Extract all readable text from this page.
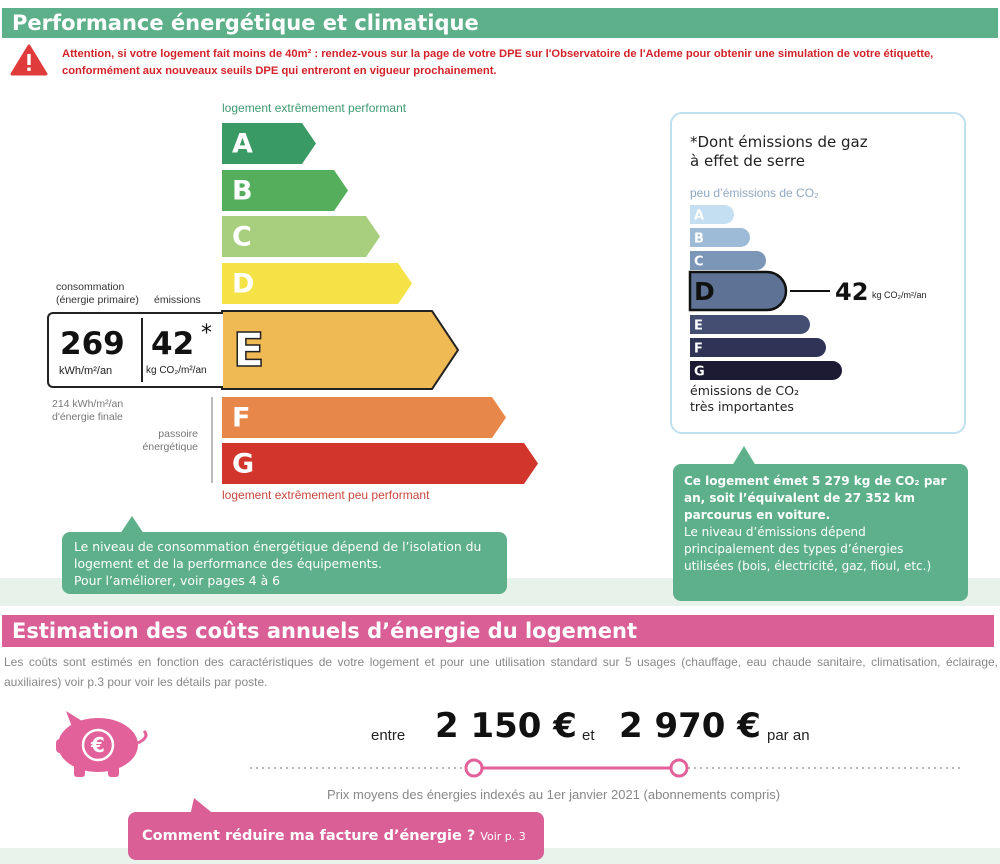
Performance énergétique et climatique
Attention, si votre logement fait moins de 40m² : rendez-vous sur la page de votre DPE sur l'Observatoire de l'Ademe pour obtenir une simulation de votre étiquette,
conformément aux nouveaux seuils DPE qui entreront en vigueur prochainement.
logement extrêmement performant
A
B
C
D
E
F
G
logement extrêmement peu performant
consommation
(énergie primaire) émissions
269
kWh/m²/an
42 *
kg CO₂/m²/an
214 kWh/m²/an
d'énergie finale
passoire
énergétique
Le niveau de consommation énergétique dépend de l’isolation du
logement et de la performance des équipements.
Pour l’améliorer, voir pages 4 à 6
*Dont émissions de gaz
à effet de serre
peu d’émissions de CO₂
A
B
C
D
E
F
G
42 kg CO₂/m²/an
émissions de CO₂
très importantes
Ce logement émet 5 279 kg de CO₂ par
an, soit l’équivalent de 27 352 km
parcourus en voiture.
Le niveau d’émissions dépend
principalement des types d’énergies
utilisées (bois, électricité, gaz, fioul, etc.)
Estimation des coûts annuels d’énergie du logement
Les coûts sont estimés en fonction des caractéristiques de votre logement et pour une utilisation standard sur 5 usages (chauffage, eau chaude sanitaire, climatisation, éclairage, auxiliaires) voir p.3 pour voir les détails par poste.
€	entre 2 150 € et 2 970 € par an
Prix moyens des énergies indexés au 1er janvier 2021 (abonnements compris)
Comment réduire ma facture d’énergie ? Voir p. 3
